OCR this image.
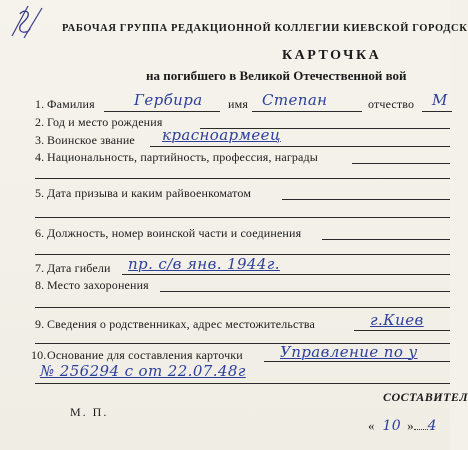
РАБОЧАЯ ГРУППА РЕДАКЦИОННОЙ КОЛЛЕГИИ КИЕВСКОЙ ГОРОДСК
КАРТОЧКА
на погибшего в Великой Отечественной вой
1. Фамилия	Гербира имя Степан	отчество М
2. Год и место рождения
3. Воинское звание красноармеец
4. Национальность, партийность, профессия, награды
5. Дата призыва и каким райвоенкоматом
6. Должность, номер воинской части и соединения
7. Дата гибели пр. с/в янв. 1944г.
8. Место захоронения
9. Сведения о родственниках, адрес местожительства	г.Киев
10. Основание для составления карточки Управление по у
№ 256294 с от 22.07.48г
М. П.
СОСТАВИТЕЛ
« 10 » 4
